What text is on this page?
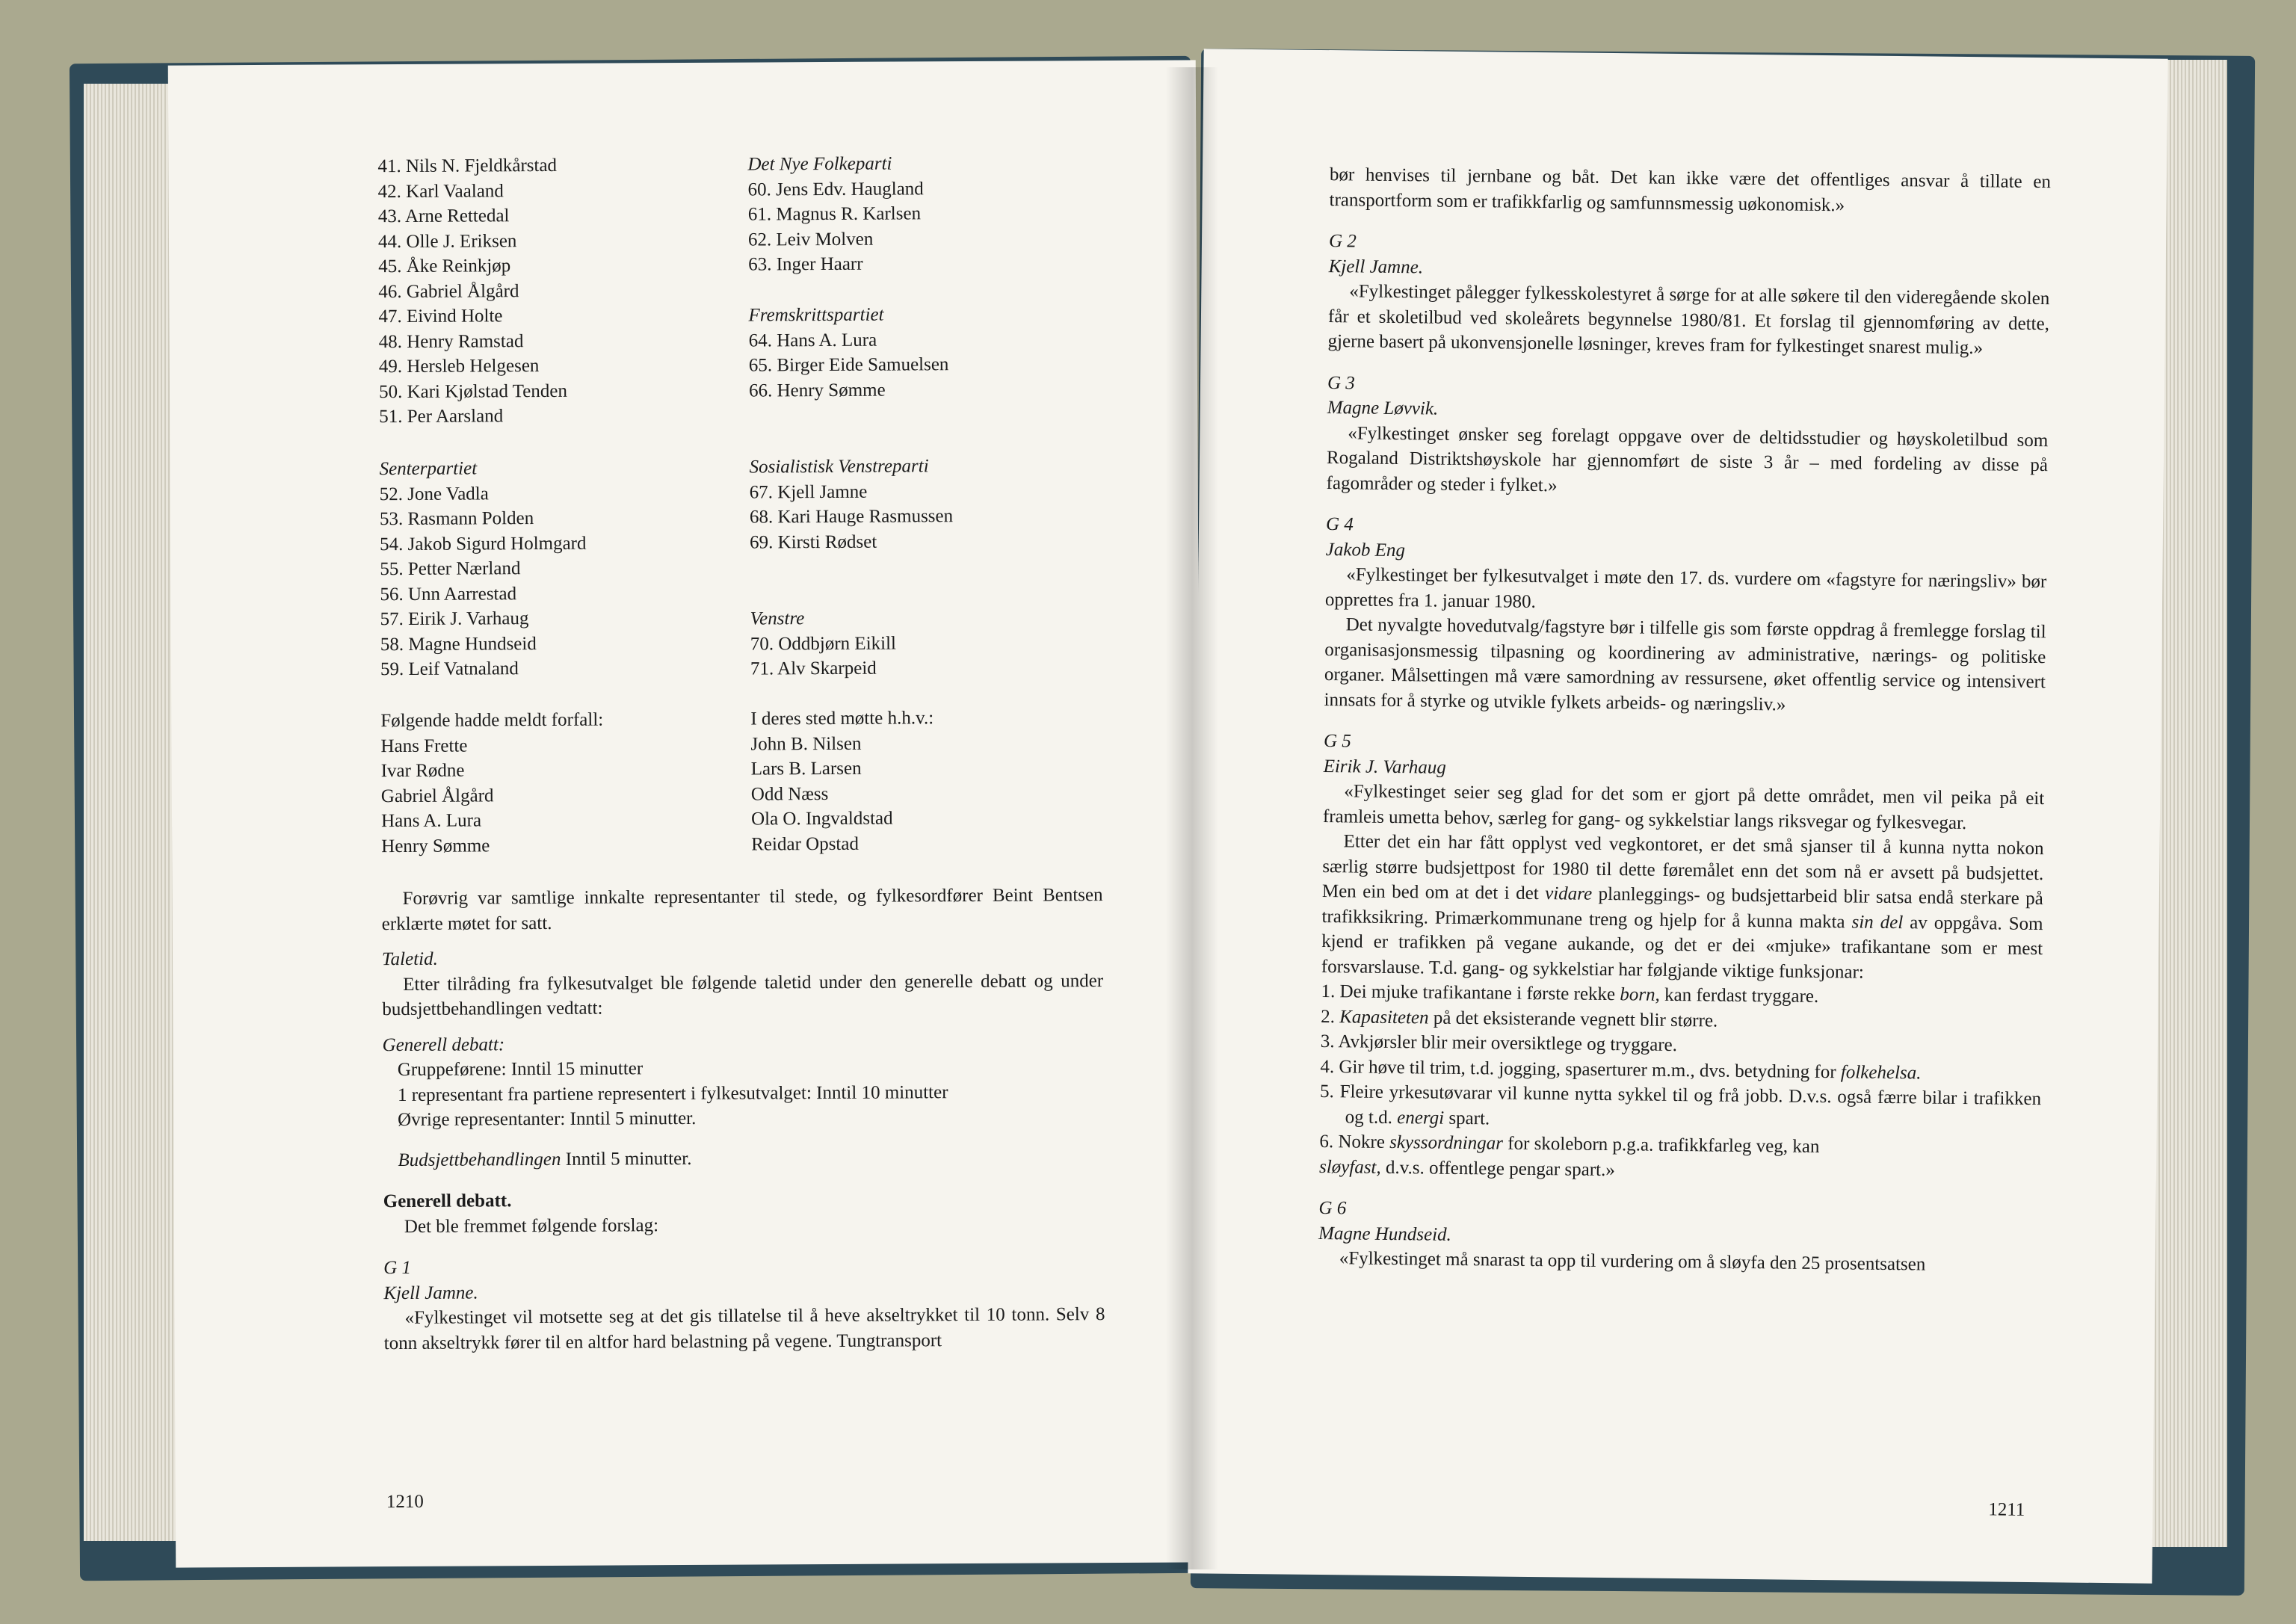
41. Nils N. Fjeldkårstad
42. Karl Vaaland
43. Arne Rettedal
44. Olle J. Eriksen
45. Åke Reinkjøp
46. Gabriel Ålgård
47. Eivind Holte
48. Henry Ramstad
49. Hersleb Helgesen
50. Kari Kjølstad Tenden
51. Per Aarsland
Senterpartiet
52. Jone Vadla
53. Rasmann Polden
54. Jakob Sigurd Holmgard
55. Petter Nærland
56. Unn Aarrestad
57. Eirik J. Varhaug
58. Magne Hundseid
59. Leif Vatnaland
Det Nye Folkeparti
60. Jens Edv. Haugland
61. Magnus R. Karlsen
62. Leiv Molven
63. Inger Haarr
Fremskrittspartiet
64. Hans A. Lura
65. Birger Eide Samuelsen
66. Henry Sømme
Sosialistisk Venstreparti
67. Kjell Jamne
68. Kari Hauge Rasmussen
69. Kirsti Rødset
Venstre
70. Oddbjørn Eikill
71. Alv Skarpeid
Følgende hadde meldt forfall:
Hans Frette
Ivar Rødne
Gabriel Ålgård
Hans A. Lura
Henry Sømme
I deres sted møtte h.h.v.:
John B. Nilsen
Lars B. Larsen
Odd Næss
Ola O. Ingvaldstad
Reidar Opstad

Forøvrig var samtlige innkalte representanter til stede, og fylkesordfører Beint Bentsen erklærte møtet for satt.

Taletid.

Etter tilråding fra fylkesutvalget ble følgende taletid under den generelle debatt og under budsjettbehandlingen vedtatt:

Generell debatt:

Gruppeførene: Inntil 15 minutter

1 representant fra partiene representert i fylkesutvalget: Inntil 10 minutter

Øvrige representanter: Inntil 5 minutter.

Budsjettbehandlingen Inntil 5 minutter.

Generell debatt.

Det ble fremmet følgende forslag:

G 1

Kjell Jamne.

«Fylkestinget vil motsette seg at det gis tillatelse til å heve akseltrykket til 10 tonn. Selv 8 tonn akseltrykk fører til en altfor hard belastning på vegene. Tungtransport

1210

bør henvises til jernbane og båt. Det kan ikke være det offentliges ansvar å tillate en transportform som er trafikkfarlig og samfunnsmessig uøkonomisk.»

G 2

Kjell Jamne.

«Fylkestinget pålegger fylkesskolestyret å sørge for at alle søkere til den videregående skolen får et skoletilbud ved skoleårets begynnelse 1980/81. Et forslag til gjennomføring av dette, gjerne basert på ukonvensjonelle løsninger, kreves fram for fylkestinget snarest mulig.»

G 3

Magne Løvvik.

«Fylkestinget ønsker seg forelagt oppgave over de deltidsstudier og høyskoletilbud som Rogaland Distriktshøyskole har gjennomført de siste 3 år – med fordeling av disse på fagområder og steder i fylket.»

G 4

Jakob Eng

«Fylkestinget ber fylkesutvalget i møte den 17. ds. vurdere om «fagstyre for næringsliv» bør opprettes fra 1. januar 1980.

Det nyvalgte hovedutvalg/fagstyre bør i tilfelle gis som første oppdrag å fremlegge forslag til organisasjonsmessig tilpasning og koordinering av administrative, nærings- og politiske organer. Målsettingen må være samordning av ressursene, øket offentlig service og intensivert innsats for å styrke og utvikle fylkets arbeids- og næringsliv.»

G 5

Eirik J. Varhaug

«Fylkestinget seier seg glad for det som er gjort på dette området, men vil peika på eit framleis umetta behov, særleg for gang- og sykkelstiar langs riksvegar og fylkesvegar.

Etter det ein har fått opplyst ved vegkontoret, er det små sjanser til å kunna nytta nokon særlig større budsjettpost for 1980 til dette føremålet enn det som nå er avsett på budsjettet. Men ein bed om at det i det vidare planleggings- og budsjettarbeid blir satsa endå sterkare på trafikksikring. Primærkommunane treng og hjelp for å kunna makta sin del av oppgåva. Som kjend er trafikken på vegane aukande, og det er dei «mjuke» trafikantane som er mest forsvarslause. T.d. gang- og sykkelstiar har følgjande viktige funksjonar:

1. Dei mjuke trafikantane i første rekke born, kan ferdast tryggare.
2. Kapasiteten på det eksisterande vegnett blir større.
3. Avkjørsler blir meir oversiktlege og tryggare.
4. Gir høve til trim, t.d. jogging, spaserturer m.m., dvs. betydning for folkehelsa.
5. Fleire yrkesutøvarar vil kunne nytta sykkel til og frå jobb. D.v.s. også færre bilar i trafikken og t.d. energi spart.
6. Nokre skyssordningar for skoleborn p.g.a. trafikkfarleg veg, kan
sløyfast, d.v.s. offentlege pengar spart.»

G 6

Magne Hundseid.

«Fylkestinget må snarast ta opp til vurdering om å sløyfa den 25 prosentsatsen

1211
